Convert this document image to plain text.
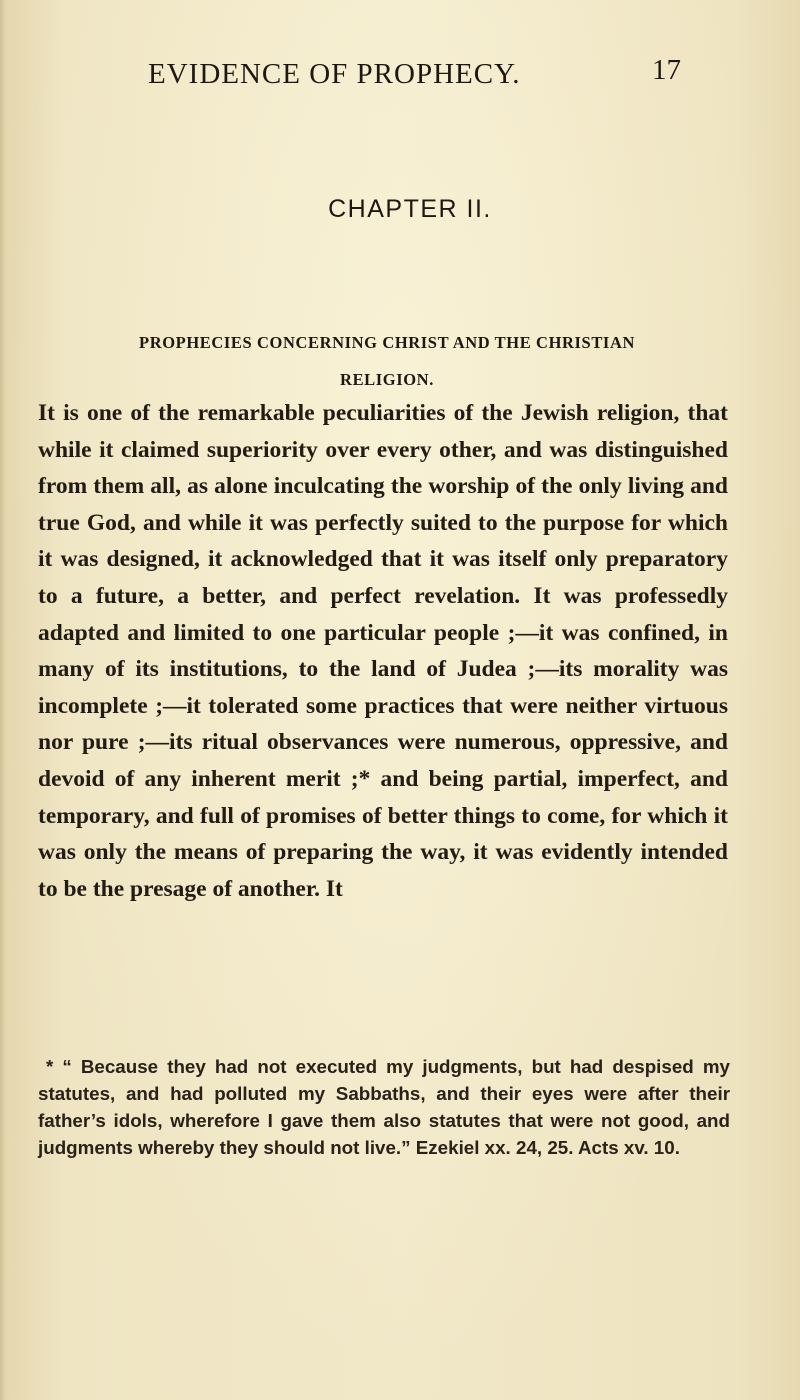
EVIDENCE OF PROPHECY.	17
CHAPTER II.
PROPHECIES CONCERNING CHRIST AND THE CHRISTIAN
RELIGION.
It is one of the remarkable peculiarities of the Jewish religion, that while it claimed superiority over every other, and was distinguished from them all, as alone inculcating the worship of the only living and true God, and while it was perfectly suited to the purpose for which it was designed, it acknowledged that it was itself only preparatory to a future, a better, and perfect revelation. It was professedly adapted and limited to one particular people ;—it was confined, in many of its institutions, to the land of Judea ;—its morality was incomplete ;—it tolerated some practices that were neither virtuous nor pure ;—its ritual observances were numerous, oppressive, and devoid of any inherent merit ;* and being partial, imperfect, and temporary, and full of promises of better things to come, for which it was only the means of preparing the way, it was evidently intended to be the presage of another. It
* “ Because they had not executed my judgments, but had despised my statutes, and had polluted my Sabbaths, and their eyes were after their father’s idols, wherefore I gave them also statutes that were not good, and judgments whereby they should not live.” Ezekiel xx. 24, 25. Acts xv. 10.
